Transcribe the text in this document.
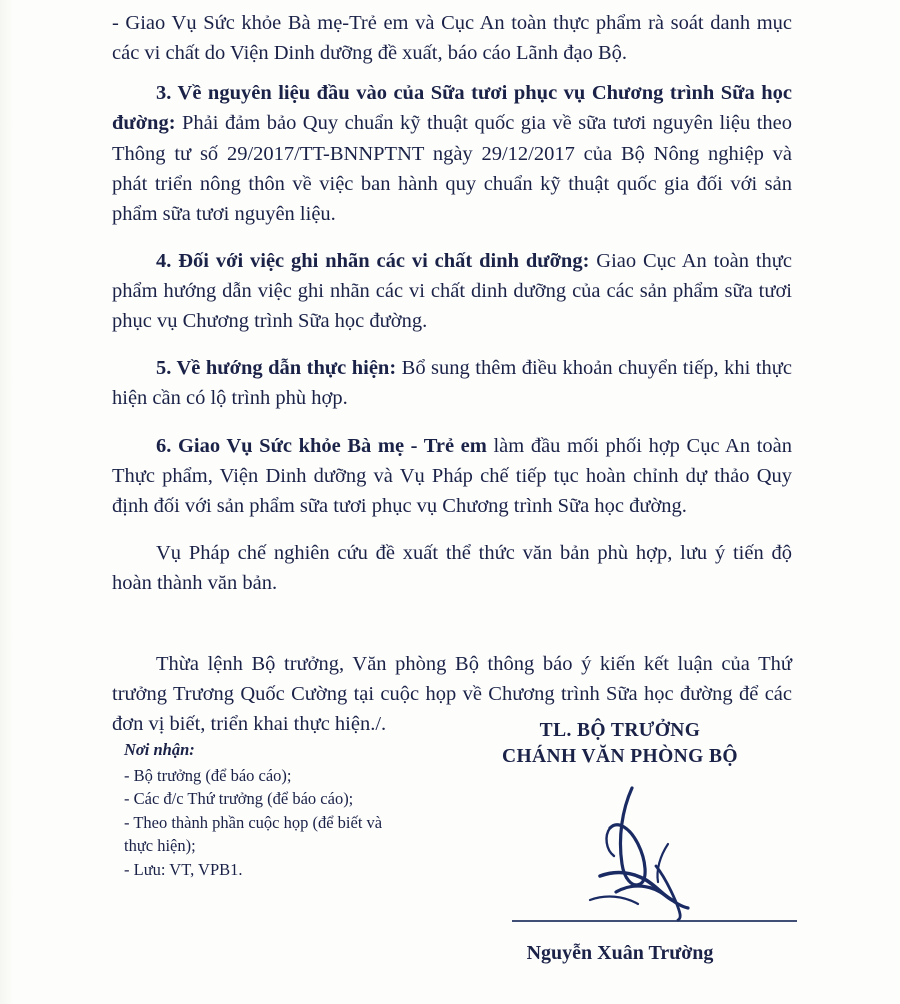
- Giao Vụ Sức khỏe Bà mẹ-Trẻ em và Cục An toàn thực phẩm rà soát danh mục các vi chất do Viện Dinh dưỡng đề xuất, báo cáo Lãnh đạo Bộ.

3. Về nguyên liệu đầu vào của Sữa tươi phục vụ Chương trình Sữa học đường: Phải đảm bảo Quy chuẩn kỹ thuật quốc gia về sữa tươi nguyên liệu theo Thông tư số 29/2017/TT-BNNPTNT ngày 29/12/2017 của Bộ Nông nghiệp và phát triển nông thôn về việc ban hành quy chuẩn kỹ thuật quốc gia đối với sản phẩm sữa tươi nguyên liệu.

4. Đối với việc ghi nhãn các vi chất dinh dưỡng: Giao Cục An toàn thực phẩm hướng dẫn việc ghi nhãn các vi chất dinh dưỡng của các sản phẩm sữa tươi phục vụ Chương trình Sữa học đường.

5. Về hướng dẫn thực hiện: Bổ sung thêm điều khoản chuyển tiếp, khi thực hiện cần có lộ trình phù hợp.

6. Giao Vụ Sức khỏe Bà mẹ - Trẻ em làm đầu mối phối hợp Cục An toàn Thực phẩm, Viện Dinh dưỡng và Vụ Pháp chế tiếp tục hoàn chỉnh dự thảo Quy định đối với sản phẩm sữa tươi phục vụ Chương trình Sữa học đường.

Vụ Pháp chế nghiên cứu đề xuất thể thức văn bản phù hợp, lưu ý tiến độ hoàn thành văn bản.

Thừa lệnh Bộ trưởng, Văn phòng Bộ thông báo ý kiến kết luận của Thứ trưởng Trương Quốc Cường tại cuộc họp về Chương trình Sữa học đường để các đơn vị biết, triển khai thực hiện./.	TL. BỘ TRƯỞNG
CHÁNH VĂN PHÒNG BỘ
Nguyễn Xuân Trường
Nơi nhận:
- Bộ trưởng (để báo cáo);
- Các đ/c Thứ trưởng (để báo cáo);
- Theo thành phần cuộc họp (để biết và
thực hiện);
- Lưu: VT, VPB1.
